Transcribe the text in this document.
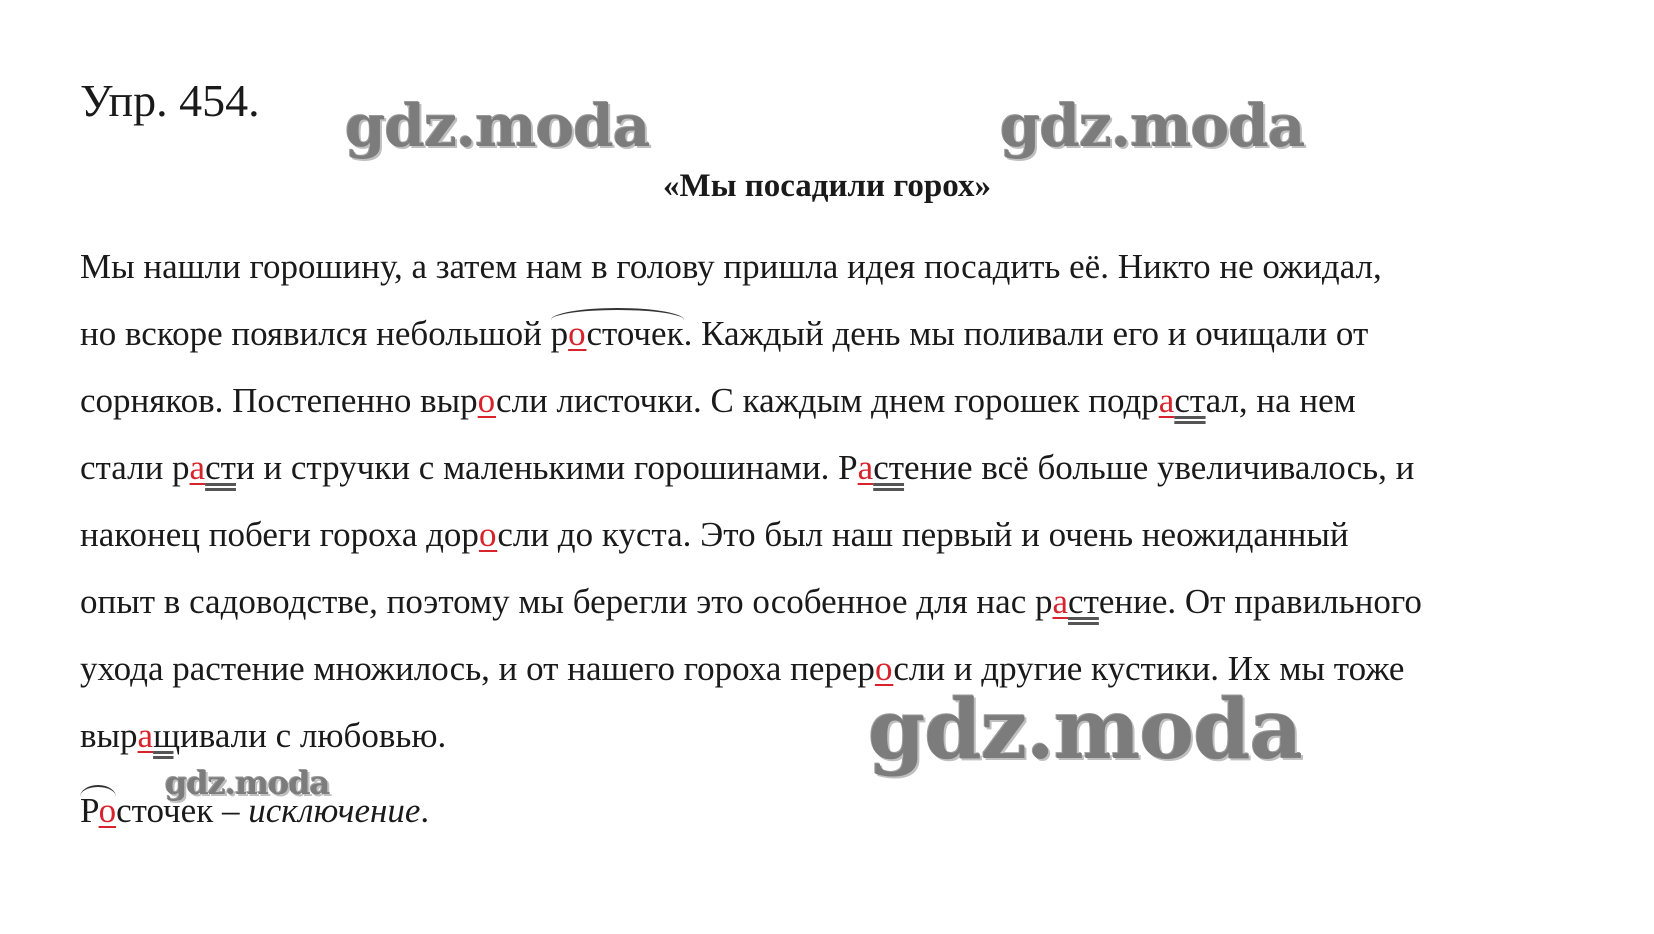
Упр. 454. gdz.moda	gdz.moda
«Мы посадили горох»
Мы нашли горошину, а затем нам в голову пришла идея посадить её. Никто не ожидал,
но вскоре появился небольшой
росточек. Каждый день мы поливали его и очищали от
сорняков. Постепенно выросли листочки. С каждым днем горошек подрастал, на нем
стали расти и стручки с маленькими горошинами. Растение всё больше увеличивалось, и
наконец побеги гороха доросли до куста. Это был наш первый и очень неожиданный
опыт в садоводстве, поэтому мы берегли это особенное для нас растение. От правильного
ухода растение множилось, и от нашего гороха переросли и другие кустики. Их мы тоже
выращивали с любовью.	gdz.moda
gdz.moda
Росточек – исключение.
